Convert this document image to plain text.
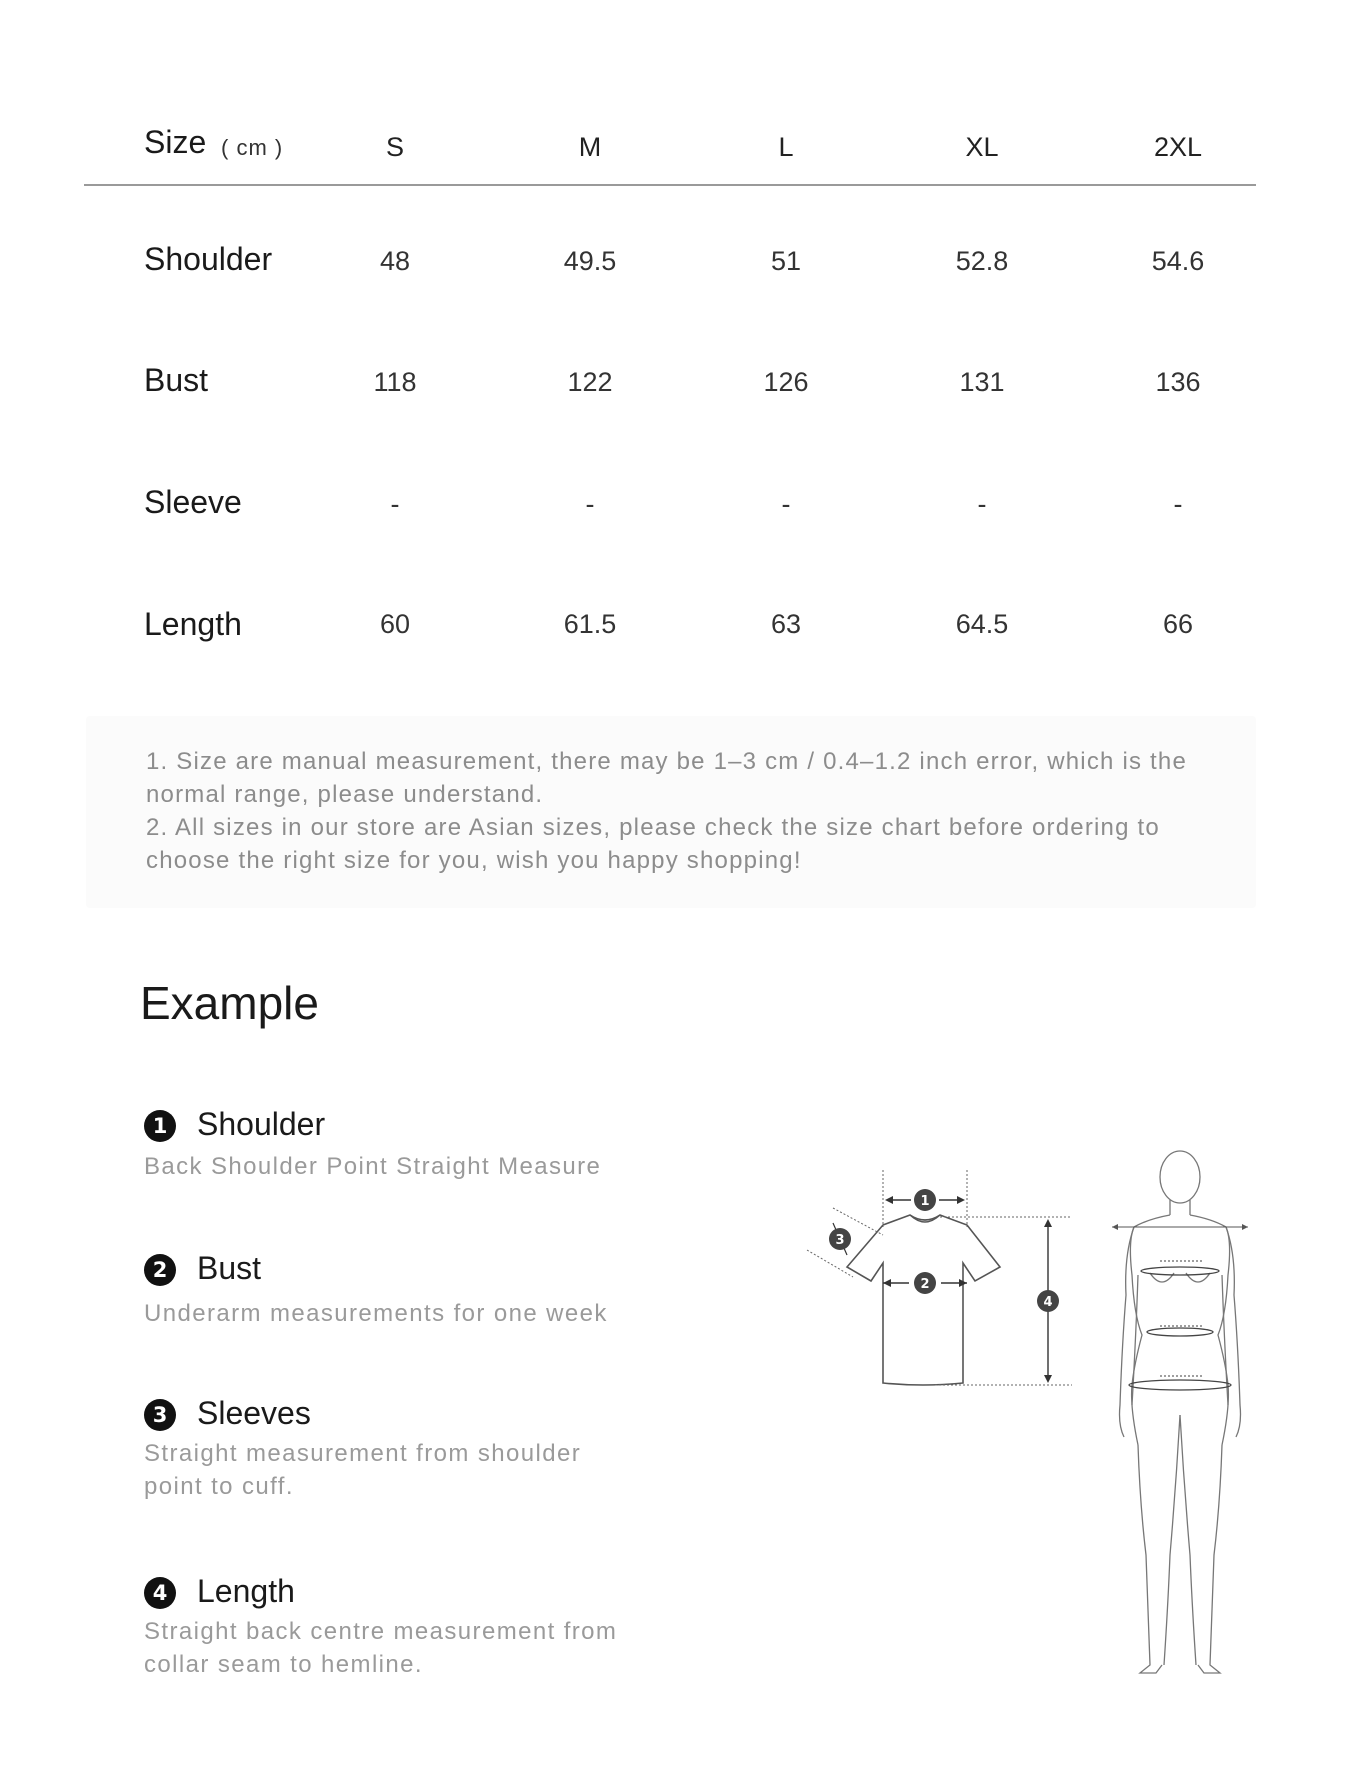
Size ( cm )	S	M	L	XL	2XL
Shoulder	48	49.5	51	52.8	54.6
Bust	118	122	126	131	136
Sleeve	-	-	-	-	-
Length	60	61.5	63	64.5	66
1. Size are manual measurement, there may be 1–3 cm / 0.4–1.2 inch error, which is the normal range, please understand.
2. All sizes in our store are Asian sizes, please check the size chart before ordering to choose the right size for you, wish you happy shopping!
Example
1 Shoulder
Back Shoulder Point Straight Measure
2 Bust
Underarm measurements for one week
3 Sleeves
Straight measurement from shoulder point to cuff.
4 Length
Straight back centre measurement from collar seam to hemline.
1
2
3
4
